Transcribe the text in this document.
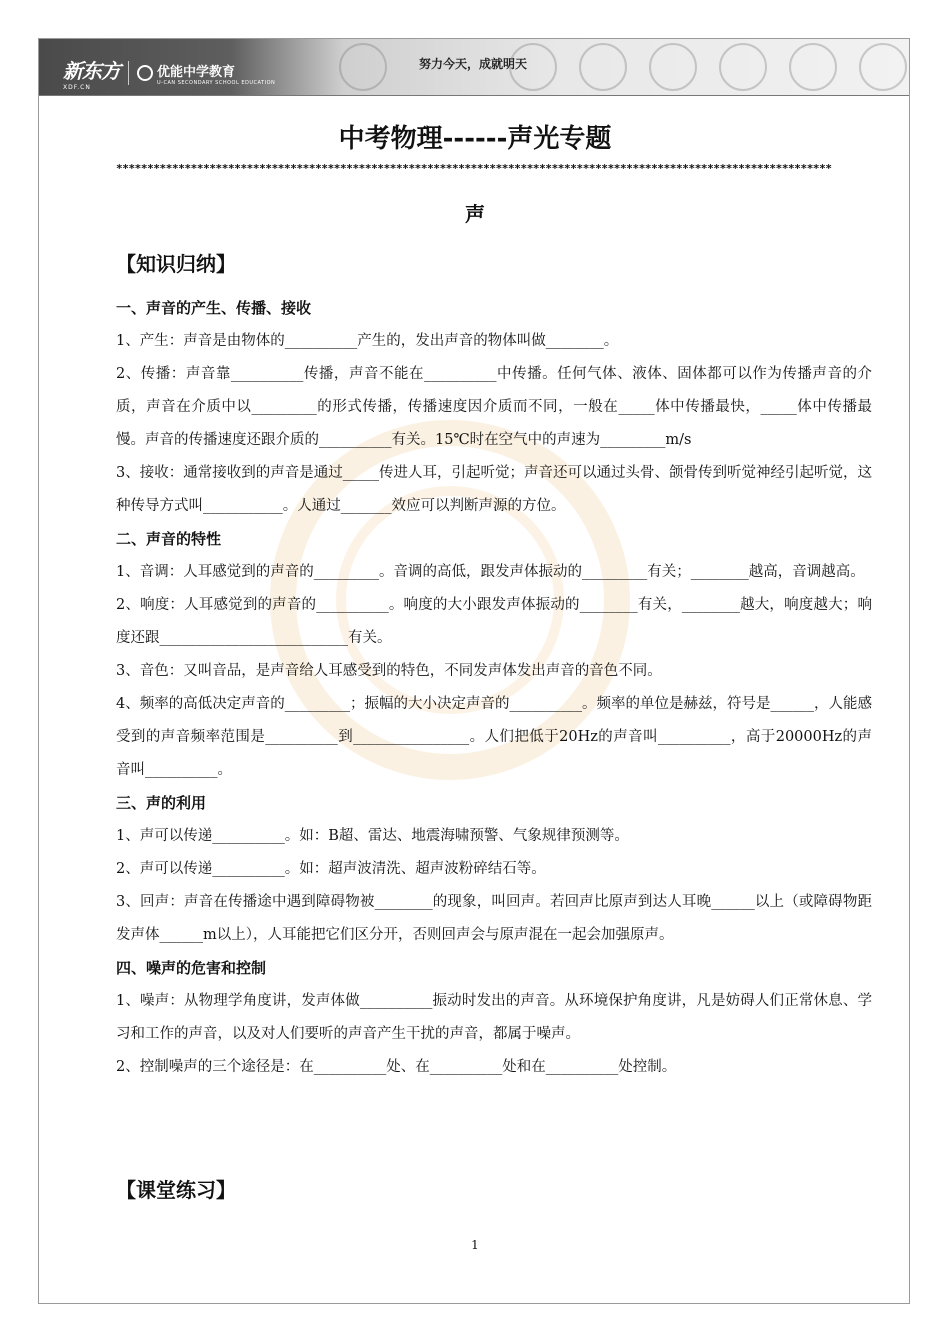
新东方
XDF.CN
优能中学教育
U-CAN SECONDARY SCHOOL EDUCATION
努力今天，成就明天
中考物理------声光专题
*******************************************************************************************************************
声
【知识归纳】
一、声音的产生、传播、接收
1、产生：声音是由物体的__________产生的，发出声音的物体叫做________。
2、传播：声音靠__________传播，声音不能在__________中传播。任何气体、液体、固体都可以作为传播声音的介质，声音在介质中以_________的形式传播，传播速度因介质而不同，一般在_____体中传播最快，_____体中传播最慢。声音的传播速度还跟介质的__________有关。15℃时在空气中的声速为_________m/s
3、接收：通常接收到的声音是通过_____传进人耳，引起听觉；声音还可以通过头骨、颌骨传到听觉神经引起听觉，这种传导方式叫___________。人通过_______效应可以判断声源的方位。
二、声音的特性
1、音调：人耳感觉到的声音的_________。音调的高低，跟发声体振动的_________有关；________越高，音调越高。
2、响度：人耳感觉到的声音的__________。响度的大小跟发声体振动的________有关，________越大，响度越大；响度还跟__________________________有关。
3、音色：又叫音品，是声音给人耳感受到的特色，不同发声体发出声音的音色不同。
4、频率的高低决定声音的_________；振幅的大小决定声音的__________。频率的单位是赫兹，符号是______，人能感受到的声音频率范围是__________到________________。人们把低于20Hz的声音叫__________，高于20000Hz的声音叫__________。
三、声的利用
1、声可以传递__________。如：B超、雷达、地震海啸预警、气象规律预测等。
2、声可以传递__________。如：超声波清洗、超声波粉碎结石等。
3、回声：声音在传播途中遇到障碍物被________的现象，叫回声。若回声比原声到达人耳晚______以上（或障碍物距发声体______m以上），人耳能把它们区分开，否则回声会与原声混在一起会加强原声。
四、噪声的危害和控制
1、噪声：从物理学角度讲，发声体做__________振动时发出的声音。从环境保护角度讲，凡是妨碍人们正常休息、学习和工作的声音，以及对人们要听的声音产生干扰的声音，都属于噪声。
2、控制噪声的三个途径是：在__________处、在__________处和在__________处控制。
【课堂练习】
1
